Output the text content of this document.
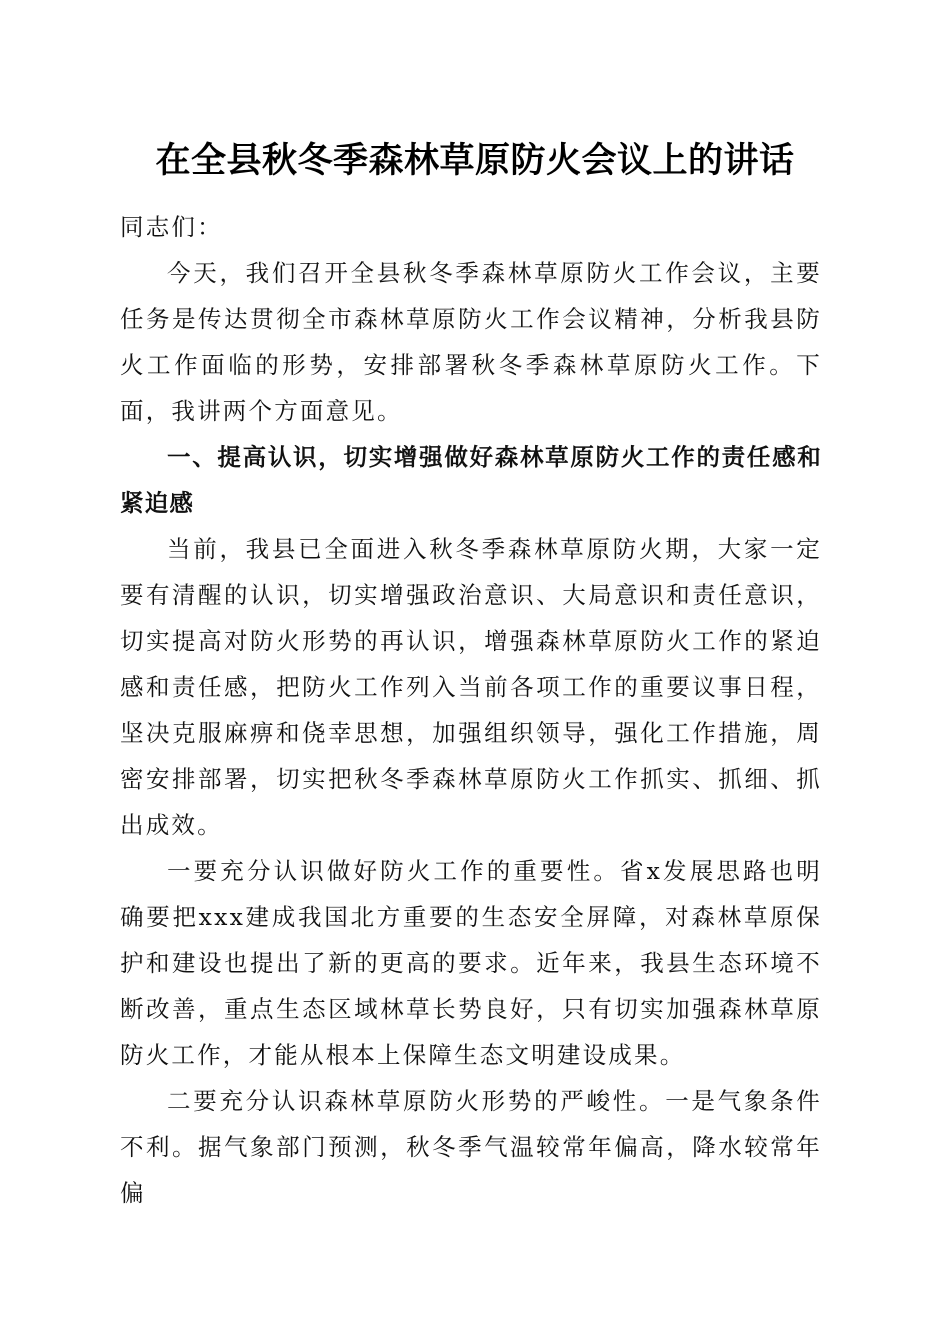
在全县秋冬季森林草原防火会议上的讲话

同志们：

今天，我们召开全县秋冬季森林草原防火工作会议，主要任务是传达贯彻全市森林草原防火工作会议精神，分析我县防火工作面临的形势，安排部署秋冬季森林草原防火工作。下面，我讲两个方面意见。

一、提高认识，切实增强做好森林草原防火工作的责任感和紧迫感

当前，我县已全面进入秋冬季森林草原防火期，大家一定要有清醒的认识，切实增强政治意识、大局意识和责任意识，切实提高对防火形势的再认识，增强森林草原防火工作的紧迫感和责任感，把防火工作列入当前各项工作的重要议事日程，坚决克服麻痹和侥幸思想，加强组织领导，强化工作措施，周密安排部署，切实把秋冬季森林草原防火工作抓实、抓细、抓出成效。

一要充分认识做好防火工作的重要性。省x发展思路也明确要把xxx建成我国北方重要的生态安全屏障，对森林草原保护和建设也提出了新的更高的要求。近年来，我县生态环境不断改善，重点生态区域林草长势良好，只有切实加强森林草原防火工作，才能从根本上保障生态文明建设成果。

二要充分认识森林草原防火形势的严峻性。一是气象条件不利。据气象部门预测，秋冬季气温较常年偏高，降水较常年偏
